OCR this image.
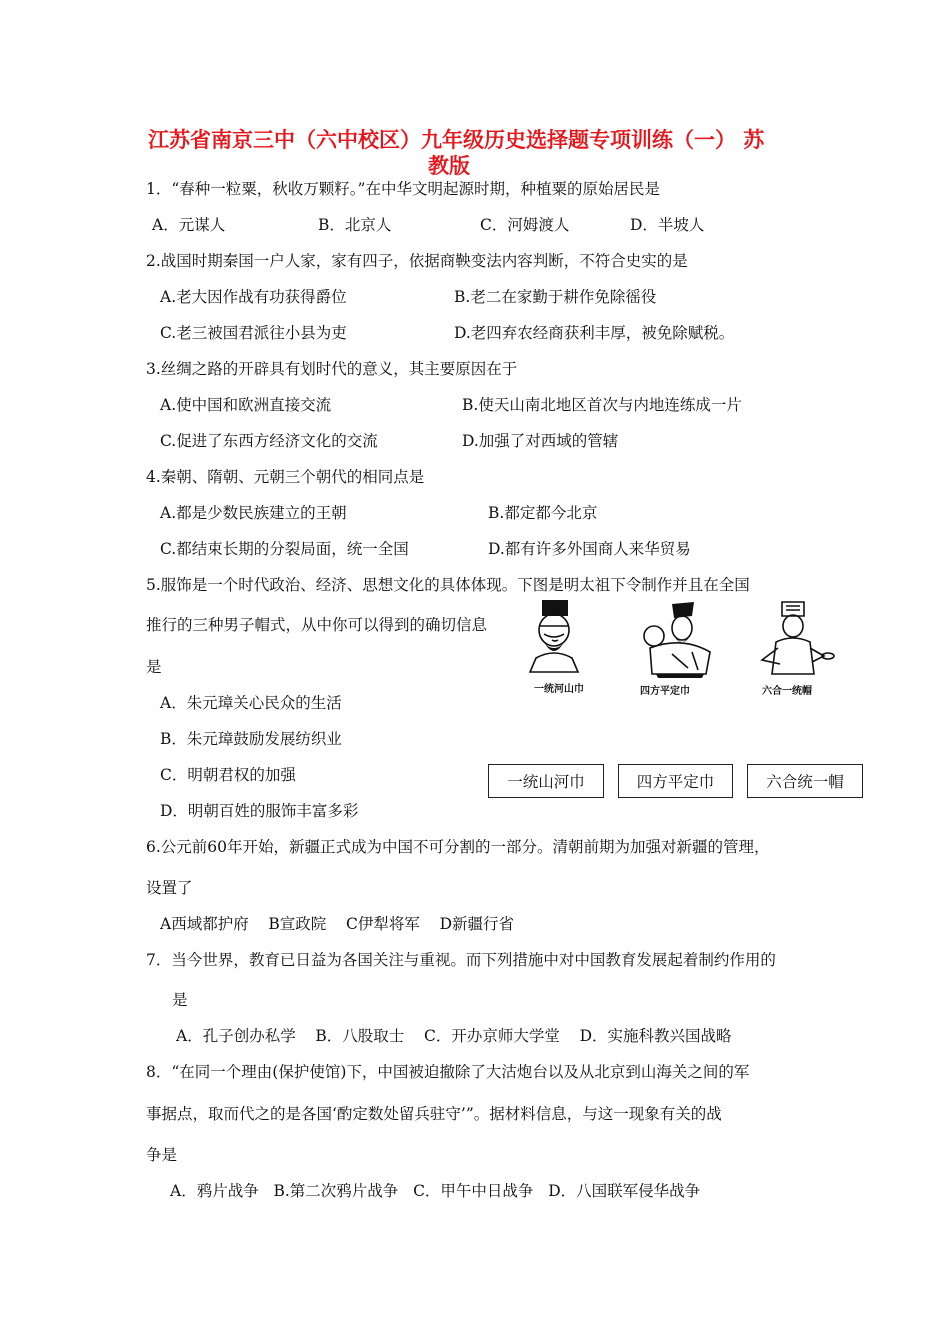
江苏省南京三中（六中校区）九年级历史选择题专项训练（一） 苏
教版
1．“春种一粒粟，秋收万颗籽。”在中华文明起源时期，种植粟的原始居民是
A．元谋人	B．北京人	C．河姆渡人	D．半坡人
2.战国时期秦国一户人家，家有四子，依据商鞅变法内容判断，不符合史实的是
A.老大因作战有功获得爵位	B.老二在家勤于耕作免除徭役
C.老三被国君派往小县为吏	D.老四弃农经商获利丰厚，被免除赋税。
3.丝绸之路的开辟具有划时代的意义，其主要原因在于
A.使中国和欧洲直接交流	B.使天山南北地区首次与内地连练成一片
C.促进了东西方经济文化的交流	D.加强了对西域的管辖
4.秦朝、隋朝、元朝三个朝代的相同点是
A.都是少数民族建立的王朝	B.都定都今北京
C.都结束长期的分裂局面，统一全国	D.都有许多外国商人来华贸易
5.服饰是一个时代政治、经济、思想文化的具体体现。下图是明太祖下令制作并且在全国
推行的三种男子帽式，从中你可以得到的确切信息
是
A．朱元璋关心民众的生活
B．朱元璋鼓励发展纺织业
C．明朝君权的加强
D．明朝百姓的服饰丰富多彩
一统河山巾	四方平定巾	六合一统帽
一统山河巾	四方平定巾	六合统一帽
6.公元前60年开始，新疆正式成为中国不可分割的一部分。清朝前期为加强对新疆的管理，
设置了
A西域都护府    B宣政院    C伊犁将军    D新疆行省
7．当今世界，教育已日益为各国关注与重视。而下列措施中对中国教育发展起着制约作用的
是
A．孔子创办私学    B．八股取士    C．开办京师大学堂    D．实施科教兴国战略
8．“在同一个理由(保护使馆)下，中国被迫撤除了大沽炮台以及从北京到山海关之间的军
事据点，取而代之的是各国‘酌定数处留兵驻守’”。据材料信息，与这一现象有关的战
争是
A．鸦片战争   B.第二次鸦片战争   C．甲午中日战争   D．八国联军侵华战争
